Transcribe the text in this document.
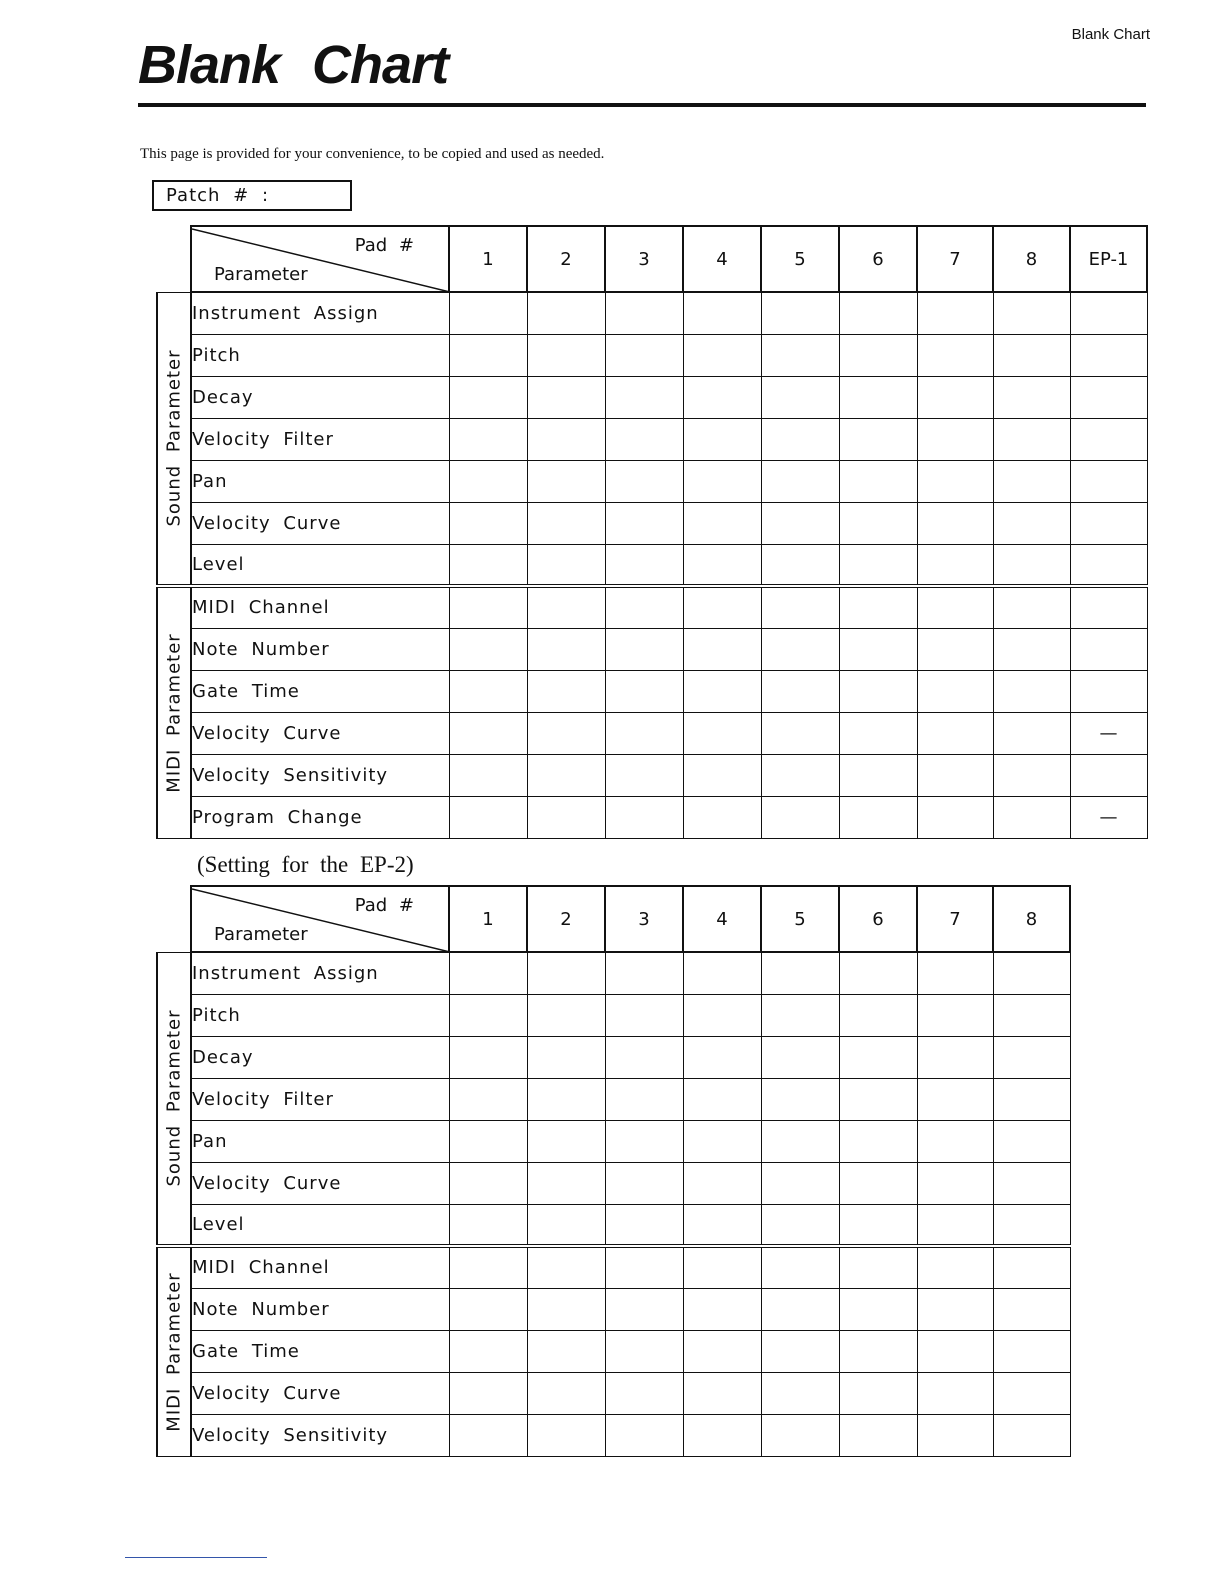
Blank Chart
Blank Chart
This page is provided for your convenience, to be copied and used as needed.
Patch # :

	Pad #
Parameter	1	2	3	4	5	6	7	8	EP-1

Sound Parameter	Instrument Assign									
	Pitch									
	Decay									
	Velocity Filter									
	Pan									
	Velocity Curve									
	Level									

MIDI Parameter	MIDI Channel									
	Note Number									
	Gate Time									
	Velocity Curve									—
	Velocity Sensitivity									
	Program Change									—
(Setting for the EP-2)

	Pad #
Parameter	1	2	3	4	5	6	7	8

Sound Parameter	Instrument Assign								
	Pitch								
	Decay								
	Velocity Filter								
	Pan								
	Velocity Curve								
	Level								

MIDI Parameter	MIDI Channel								
	Note Number								
	Gate Time								
	Velocity Curve								
	Velocity Sensitivity								
